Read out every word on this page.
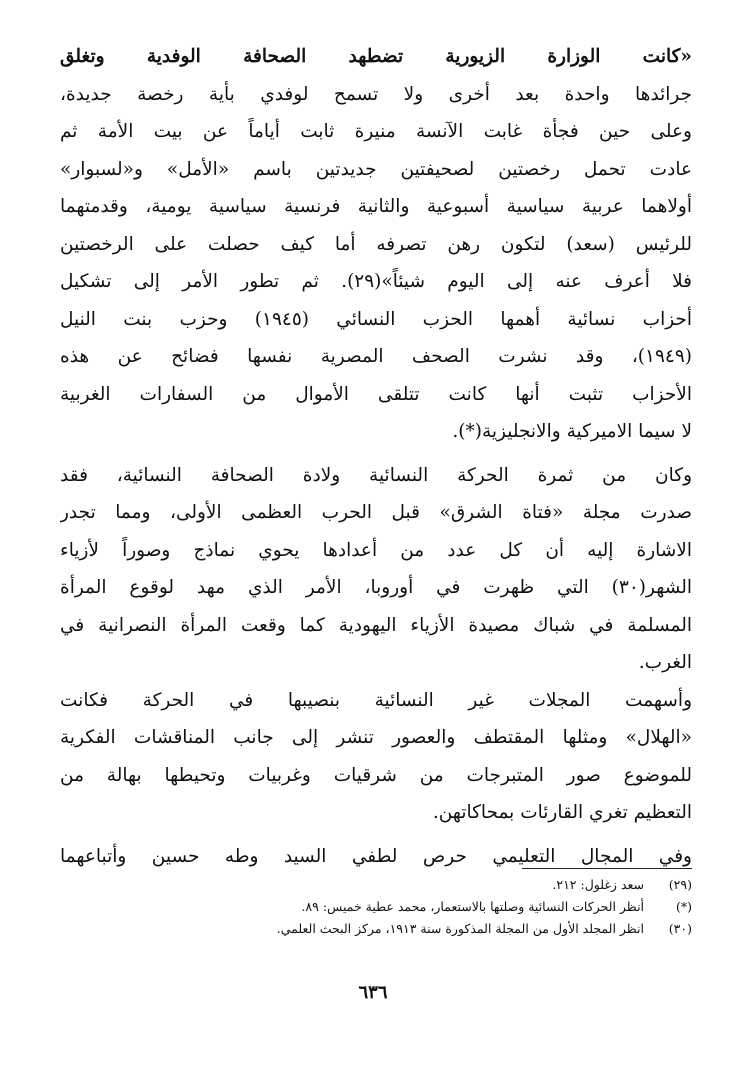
«كانت الوزارة الزيورية تضطهد الصحافة الوفدية وتغلق
جرائدها واحدة بعد أخرى ولا تسمح لوفدي بأية رخصة جديدة،
وعلى حين فجأة غابت الآنسة منيرة ثابت أياماً عن بيت الأمة ثم
عادت تحمل رخصتين لصحيفتين جديدتين باسم «الأمل» و«لسبوار»
أولاهما عربية سياسية أسبوعية والثانية فرنسية سياسية يومية، وقدمتهما
للرئيس (سعد) لتكون رهن تصرفه أما كيف حصلت على الرخصتين
فلا أعرف عنه إلى اليوم شيئاً»(٢٩). ثم تطور الأمر إلى تشكيل
أحزاب نسائية أهمها الحزب النسائي (١٩٤٥) وحزب بنت النيل
(١٩٤٩)، وقد نشرت الصحف المصرية نفسها فضائح عن هذه
الأحزاب تثبت أنها كانت تتلقى الأموال من السفارات الغربية
لا سيما الاميركية والانجليزية(*).
وكان من ثمرة الحركة النسائية ولادة الصحافة النسائية، فقد
صدرت مجلة «فتاة الشرق» قبل الحرب العظمى الأولى، ومما تجدر
الاشارة إليه أن كل عدد من أعدادها يحوي نماذج وصوراً لأزياء
الشهر(٣٠) التي ظهرت في أوروبا، الأمر الذي مهد لوقوع المرأة
المسلمة في شباك مصيدة الأزياء اليهودية كما وقعت المرأة النصرانية في
الغرب.
وأسهمت المجلات غير النسائية بنصيبها في الحركة فكانت
«الهلال» ومثلها المقتطف والعصور تنشر إلى جانب المناقشات الفكرية
للموضوع صور المتبرجات من شرقيات وغربيات وتحيطها بهالة من
التعظيم تغري القارئات بمحاكاتهن.
وفي المجال التعليمي حرص لطفي السيد وطه حسين وأتباعهما
(٢٩) سعد زغلول: ٢١٢.
(*) أنظر الحركات النسائية وصلتها بالاستعمار، محمد عطية خميس: ٨٩.
(٣٠) انظر المجلد الأول من المجلة المذكورة سنة ١٩١٣، مركز البحث العلمي.
٦٣٦
